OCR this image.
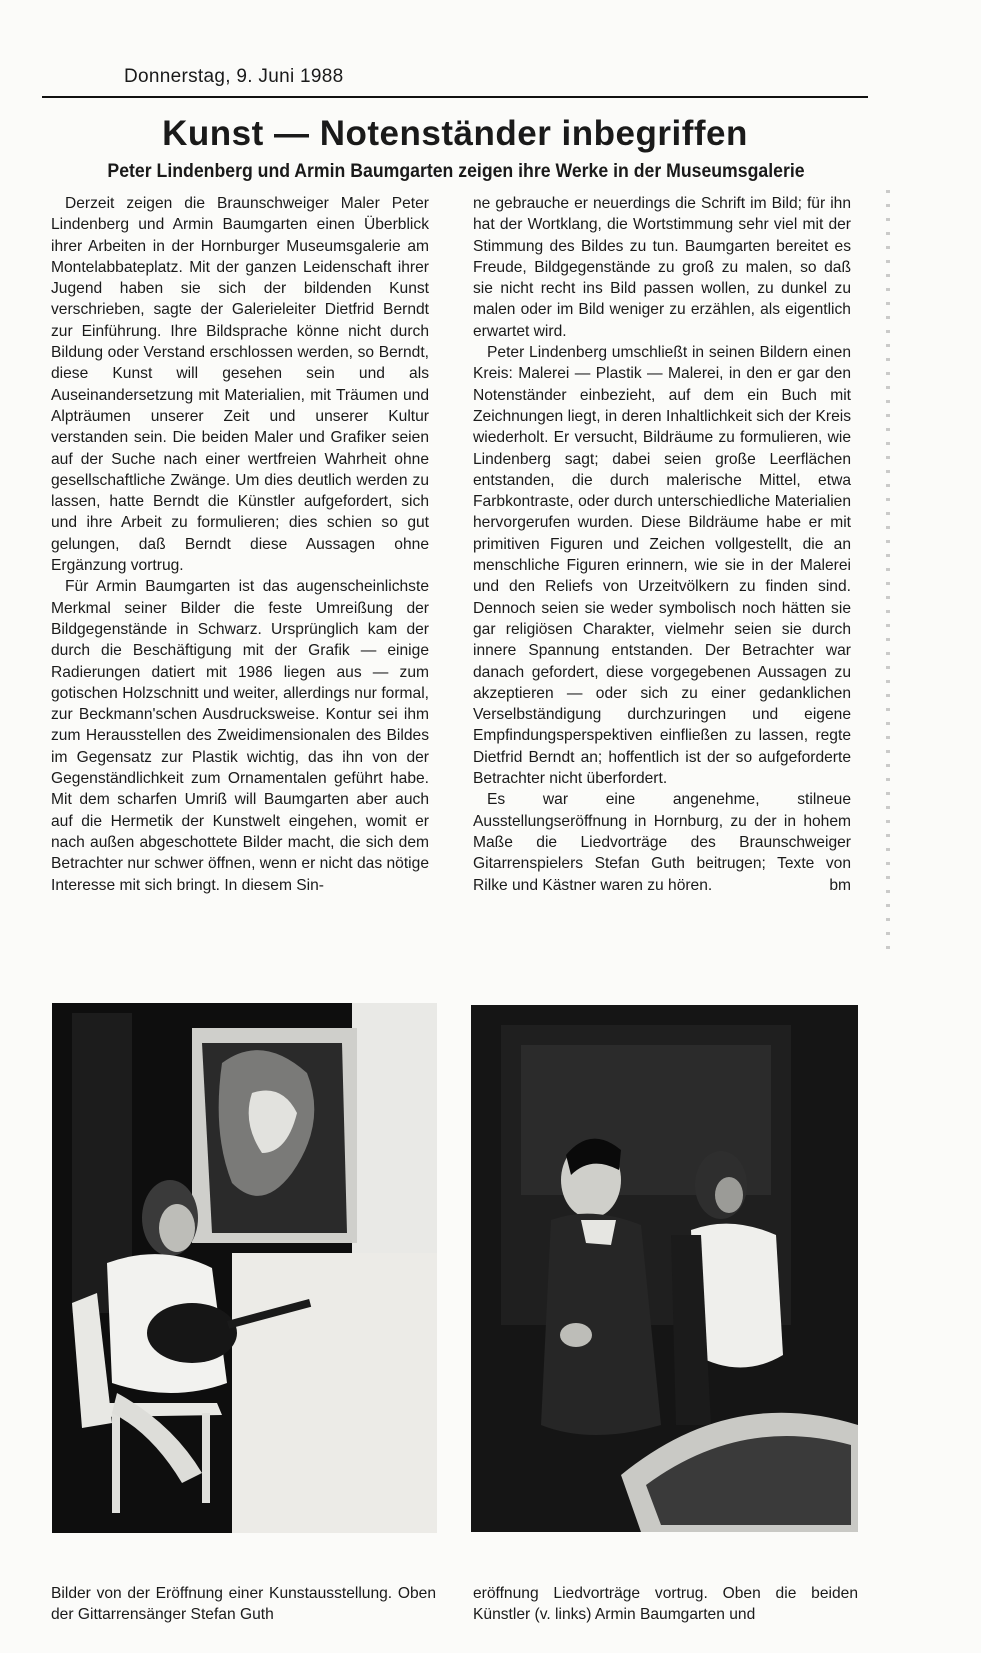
Donnerstag, 9. Juni 1988
Kunst — Notenständer inbegriffen
Peter Lindenberg und Armin Baumgarten zeigen ihre Werke in der Museumsgalerie

Derzeit zeigen die Braunschweiger Maler Peter Lindenberg und Armin Baumgarten einen Überblick ihrer Arbeiten in der Hornburger Museumsgalerie am Montelabbateplatz. Mit der ganzen Leidenschaft ihrer Jugend haben sie sich der bildenden Kunst verschrieben, sagte der Galerieleiter Dietfrid Berndt zur Einführung. Ihre Bildsprache könne nicht durch Bildung oder Verstand erschlossen werden, so Berndt, diese Kunst will gesehen sein und als Auseinandersetzung mit Materialien, mit Träumen und Alpträumen unserer Zeit und unserer Kultur verstanden sein. Die beiden Maler und Grafiker seien auf der Suche nach einer wertfreien Wahrheit ohne gesellschaftliche Zwänge. Um dies deutlich werden zu lassen, hatte Berndt die Künstler aufgefordert, sich und ihre Arbeit zu formulieren; dies schien so gut gelungen, daß Berndt diese Aussagen ohne Ergänzung vortrug.

Für Armin Baumgarten ist das augenscheinlichste Merkmal seiner Bilder die feste Umreißung der Bildgegenstände in Schwarz. Ursprünglich kam der durch die Beschäftigung mit der Grafik — einige Radierungen datiert mit 1986 liegen aus — zum gotischen Holzschnitt und weiter, allerdings nur formal, zur Beckmann'schen Ausdrucksweise. Kontur sei ihm zum Herausstellen des Zweidimensionalen des Bildes im Gegensatz zur Plastik wichtig, das ihn von der Gegenständlichkeit zum Ornamentalen geführt habe. Mit dem scharfen Umriß will Baumgarten aber auch auf die Hermetik der Kunstwelt eingehen, womit er nach außen abgeschottete Bilder macht, die sich dem Betrachter nur schwer öffnen, wenn er nicht das nötige Interesse mit sich bringt. In diesem Sin-

ne gebrauche er neuerdings die Schrift im Bild; für ihn hat der Wortklang, die Wortstimmung sehr viel mit der Stimmung des Bildes zu tun. Baumgarten bereitet es Freude, Bildgegenstände zu groß zu malen, so daß sie nicht recht ins Bild passen wollen, zu dunkel zu malen oder im Bild weniger zu erzählen, als eigentlich erwartet wird.

Peter Lindenberg umschließt in seinen Bildern einen Kreis: Malerei — Plastik — Malerei, in den er gar den Notenständer einbezieht, auf dem ein Buch mit Zeichnungen liegt, in deren Inhaltlichkeit sich der Kreis wiederholt. Er versucht, Bildräume zu formulieren, wie Lindenberg sagt; dabei seien große Leerflächen entstanden, die durch malerische Mittel, etwa Farbkontraste, oder durch unterschiedliche Materialien hervorgerufen wurden. Diese Bildräume habe er mit primitiven Figuren und Zeichen vollgestellt, die an menschliche Figuren erinnern, wie sie in der Malerei und den Reliefs von Urzeitvölkern zu finden sind. Dennoch seien sie weder symbolisch noch hätten sie gar religiösen Charakter, vielmehr seien sie durch innere Spannung entstanden. Der Betrachter war danach gefordert, diese vorgegebenen Aussagen zu akzeptieren — oder sich zu einer gedanklichen Verselbständigung durchzuringen und eigene Empfindungsperspektiven einfließen zu lassen, regte Dietfrid Berndt an; hoffentlich ist der so aufgeforderte Betrachter nicht überfordert.

Es war eine angenehme, stilneue Ausstellungseröffnung in Hornburg, zu der in hohem Maße die Liedvorträge des Braunschweiger Gitarrenspielers Stefan Guth beitrugen; Texte von Rilke und Kästner waren zu hören.	bm

Bilder von der Eröffnung einer Kunstausstellung. Oben der Gittarrensänger Stefan Guth
eröffnung Liedvorträge vortrug. Oben die beiden Künstler (v. links) Armin Baumgarten und
